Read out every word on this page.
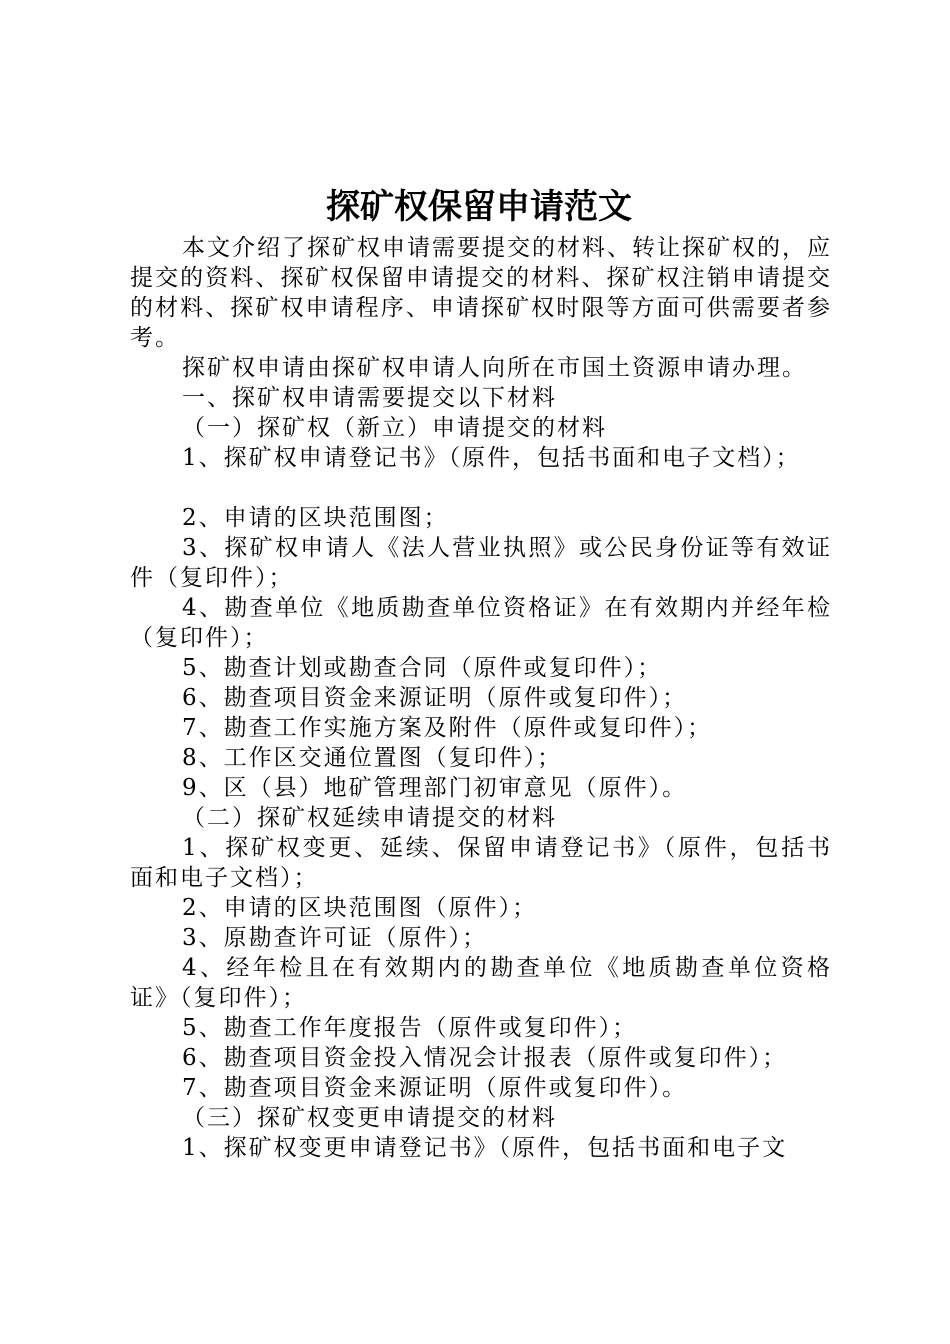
探矿权保留申请范文

本文介绍了探矿权申请需要提交的材料、转让探矿权的，应提交的资料、探矿权保留申请提交的材料、探矿权注销申请提交的材料、探矿权申请程序、申请探矿权时限等方面可供需要者参考。

探矿权申请由探矿权申请人向所在市国土资源申请办理。

一、探矿权申请需要提交以下材料

（一）探矿权（新立）申请提交的材料

1、探矿权申请登记书》（原件，包括书面和电子文档）；

2、申请的区块范围图；

3、探矿权申请人《法人营业执照》或公民身份证等有效证件（复印件）；

4、勘查单位《地质勘查单位资格证》在有效期内并经年检（复印件）；

5、勘查计划或勘查合同（原件或复印件）；

6、勘查项目资金来源证明（原件或复印件）；

7、勘查工作实施方案及附件（原件或复印件）；

8、工作区交通位置图（复印件）；

9、区（县）地矿管理部门初审意见（原件）。

（二）探矿权延续申请提交的材料

1、探矿权变更、延续、保留申请登记书》（原件，包括书面和电子文档）；

2、申请的区块范围图（原件）；

3、原勘查许可证（原件）；

4、经年检且在有效期内的勘查单位《地质勘查单位资格证》（复印件）；

5、勘查工作年度报告（原件或复印件）；

6、勘查项目资金投入情况会计报表（原件或复印件）；

7、勘查项目资金来源证明（原件或复印件）。

（三）探矿权变更申请提交的材料

1、探矿权变更申请登记书》（原件，包括书面和电子文
